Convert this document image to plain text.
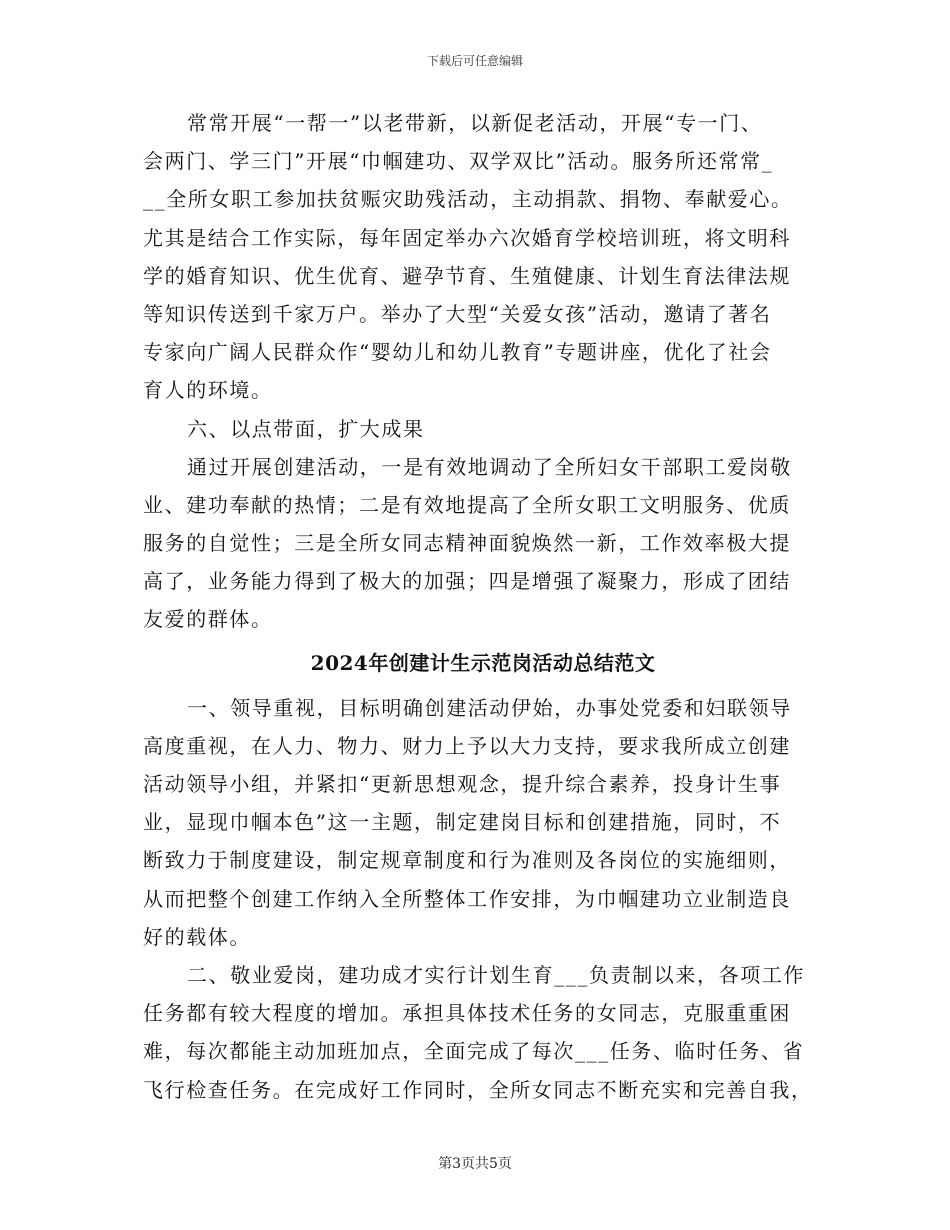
下载后可任意编辑
常常开展“一帮一”以老带新，以新促老活动，开展“专一门、
会两门、学三门”开展“巾帼建功、双学双比”活动。服务所还常常_
__全所女职工参加扶贫赈灾助残活动，主动捐款、捐物、奉献爱心。
尤其是结合工作实际，每年固定举办六次婚育学校培训班，将文明科
学的婚育知识、优生优育、避孕节育、生殖健康、计划生育法律法规
等知识传送到千家万户。举办了大型“关爱女孩”活动，邀请了著名
专家向广阔人民群众作“婴幼儿和幼儿教育”专题讲座，优化了社会
育人的环境。
六、以点带面，扩大成果
通过开展创建活动，一是有效地调动了全所妇女干部职工爱岗敬
业、建功奉献的热情；二是有效地提高了全所女职工文明服务、优质
服务的自觉性；三是全所女同志精神面貌焕然一新，工作效率极大提
高了，业务能力得到了极大的加强；四是增强了凝聚力，形成了团结
友爱的群体。
2024年创建计生示范岗活动总结范文
一、领导重视，目标明确创建活动伊始，办事处党委和妇联领导
高度重视，在人力、物力、财力上予以大力支持，要求我所成立创建
活动领导小组，并紧扣“更新思想观念，提升综合素养，投身计生事
业，显现巾帼本色”这一主题，制定建岗目标和创建措施，同时，不
断致力于制度建设，制定规章制度和行为准则及各岗位的实施细则，
从而把整个创建工作纳入全所整体工作安排，为巾帼建功立业制造良
好的载体。
二、敬业爱岗，建功成才实行计划生育___负责制以来，各项工作
任务都有较大程度的增加。承担具体技术任务的女同志，克服重重困
难，每次都能主动加班加点，全面完成了每次___任务、临时任务、省
飞行检查任务。在完成好工作同时，全所女同志不断充实和完善自我，
第3页共5页
